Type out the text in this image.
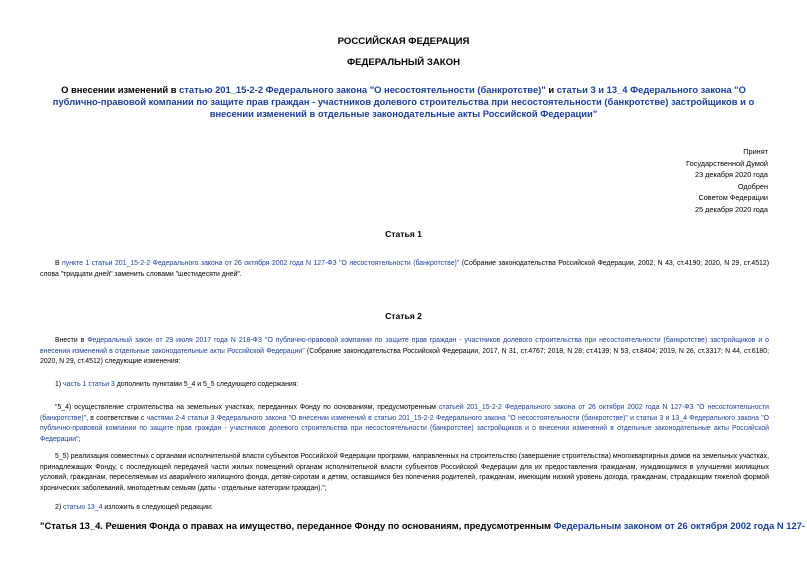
РОССИЙСКАЯ ФЕДЕРАЦИЯ
ФЕДЕРАЛЬНЫЙ ЗАКОН
О внесении изменений в статью 201_15-2-2 Федерального закона "О несостоятельности (банкротстве)" и статьи 3 и 13_4 Федерального закона "О публично-правовой компании по защите прав граждан - участников долевого строительства при несостоятельности (банкротстве) застройщиков и о внесении изменений в отдельные законодательные акты Российской Федерации"
Принят
Государственной Думой
23 декабря 2020 года
Одобрен
Советом Федерации
25 декабря 2020 года
Статья 1
В пункте 1 статьи 201_15-2-2 Федерального закона от 26 октября 2002 года N 127-ФЗ "О несостоятельности (банкротстве)" (Собрание законодательства Российской Федерации, 2002, N 43, ст.4190; 2020, N 29, ст.4512) слова "тридцати дней" заменить словами "шестидесяти дней".
Статья 2
Внести в Федеральный закон от 29 июля 2017 года N 218-ФЗ "О публично-правовой компании по защите прав граждан - участников долевого строительства при несостоятельности (банкротстве) застройщиков и о внесении изменений в отдельные законодательные акты Российской Федерации" (Собрание законодательства Российской Федерации, 2017, N 31, ст.4767; 2018, N 28, ст.4139; N 53, ст.8404; 2019, N 26, ст.3317; N 44, ст.6180; 2020, N 29, ст.4512) следующие изменения:
1) часть 1 статьи 3 дополнить пунктами 5_4 и 5_5 следующего содержания:
"5_4) осуществление строительства на земельных участках, переданных Фонду по основаниям, предусмотренным статьей 201_15-2-2 Федерального закона от 26 октября 2002 года N 127-ФЗ "О несостоятельности (банкротстве)", в соответствии с частями 2-4 статьи 3 Федерального закона "О внесении изменений в статью 201_15-2-2 Федерального закона "О несостоятельности (банкротстве)" и статьи 3 и 13_4 Федерального закона "О публично-правовой компании по защите прав граждан - участников долевого строительства при несостоятельности (банкротстве) застройщиков и о внесении изменений в отдельные законодательные акты Российской Федерации";
5_5) реализация совместных с органами исполнительной власти субъектов Российской Федерации программ, направленных на строительство (завершение строительства) многоквартирных домов на земельных участках, принадлежащих Фонду, с последующей передачей части жилых помещений органам исполнительной власти субъектов Российской Федерации для их предоставления гражданам, нуждающимся в улучшении жилищных условий, гражданам, переселяемым из аварийного жилищного фонда, детям-сиротам и детям, оставшимся без попечения родителей, гражданам, имеющим низкий уровень дохода, гражданам, страдающим тяжелой формой хронических заболеваний, многодетным семьям (даты - отдельные категории граждан).";
2) статью 13_4 изложить в следующей редакции:
"Статья 13_4. Решения Фонда о правах на имущество, переданное Фонду по основаниям, предусмотренным Федеральным законом от 26 октября 2002 года N 127-
